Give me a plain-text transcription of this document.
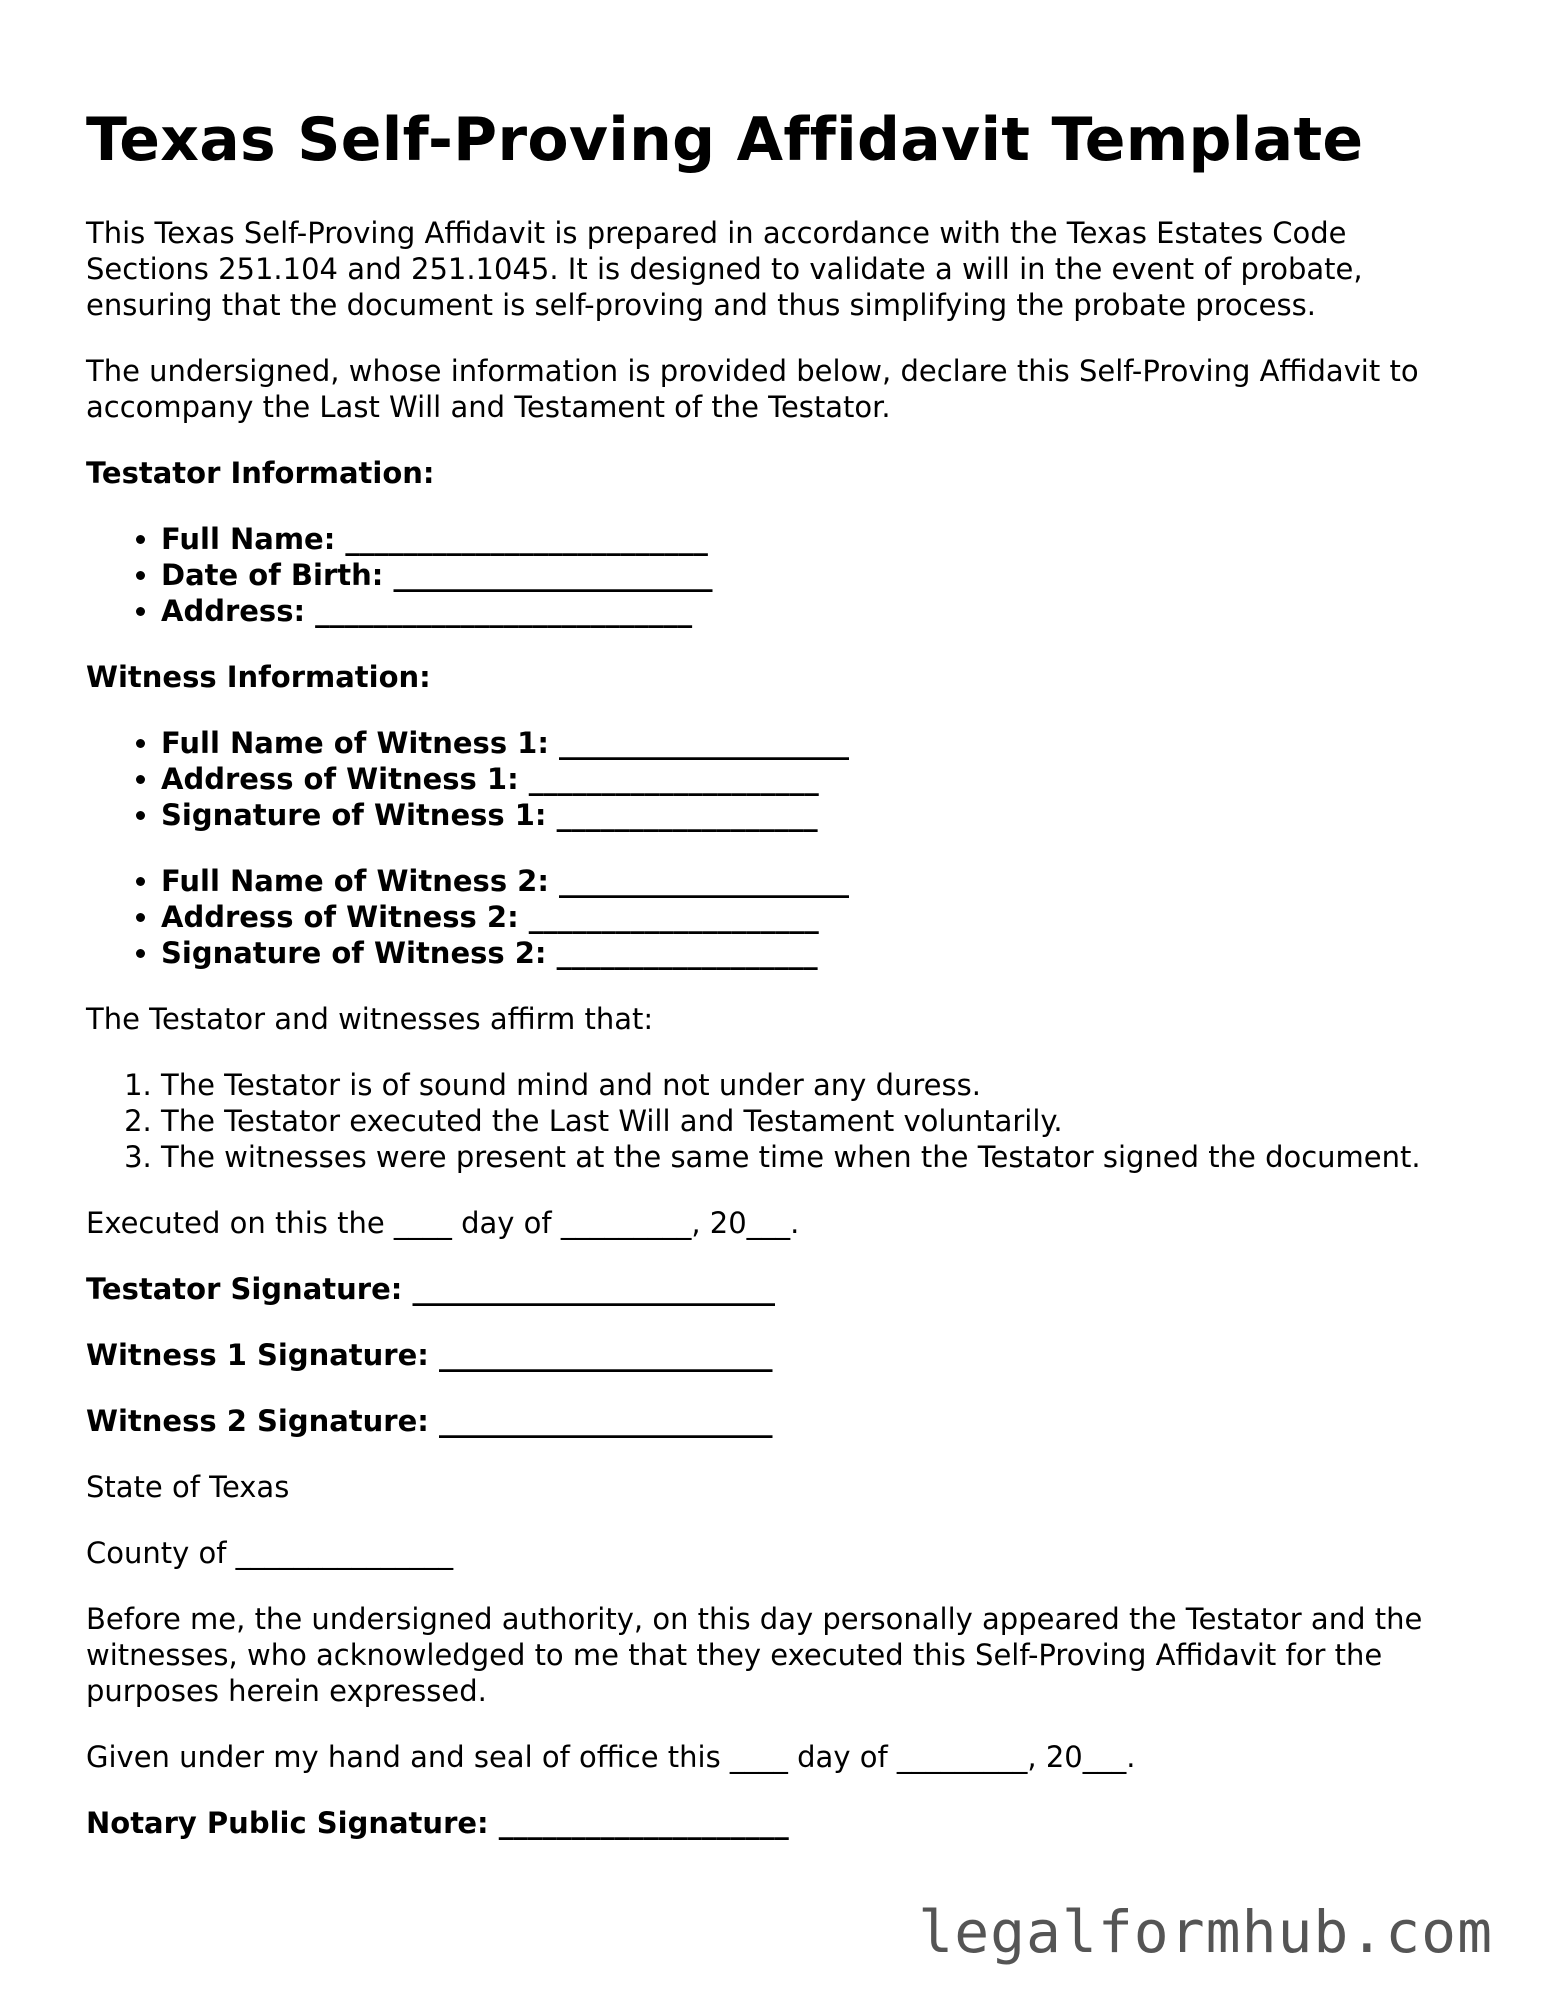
Texas Self-Proving Affidavit Template

This Texas Self-Proving Affidavit is prepared in accordance with the Texas Estates Code Sections 251.104 and 251.1045. It is designed to validate a will in the event of probate, ensuring that the document is self-proving and thus simplifying the probate process.

The undersigned, whose information is provided below, declare this Self-Proving Affidavit to accompany the Last Will and Testament of the Testator.

Testator Information:
• Full Name: _________________________
• Date of Birth: ______________________
• Address: __________________________
Witness Information:
• Full Name of Witness 1: ____________________
• Address of Witness 1: ____________________
• Signature of Witness 1: __________________
• Full Name of Witness 2: ____________________
• Address of Witness 2: ____________________
• Signature of Witness 2: __________________

The Testator and witnesses affirm that:

1. The Testator is of sound mind and not under any duress.
2. The Testator executed the Last Will and Testament voluntarily.
3. The witnesses were present at the same time when the Testator signed the document.

Executed on this the ____ day of _________, 20___.

Testator Signature: _________________________
Witness 1 Signature: _______________________
Witness 2 Signature: _______________________

State of Texas

County of _______________

Before me, the undersigned authority, on this day personally appeared the Testator and the witnesses, who acknowledged to me that they executed this Self-Proving Affidavit for the purposes herein expressed.

Given under my hand and seal of office this ____ day of _________, 20___.

Notary Public Signature: ____________________
legalformhub.com
